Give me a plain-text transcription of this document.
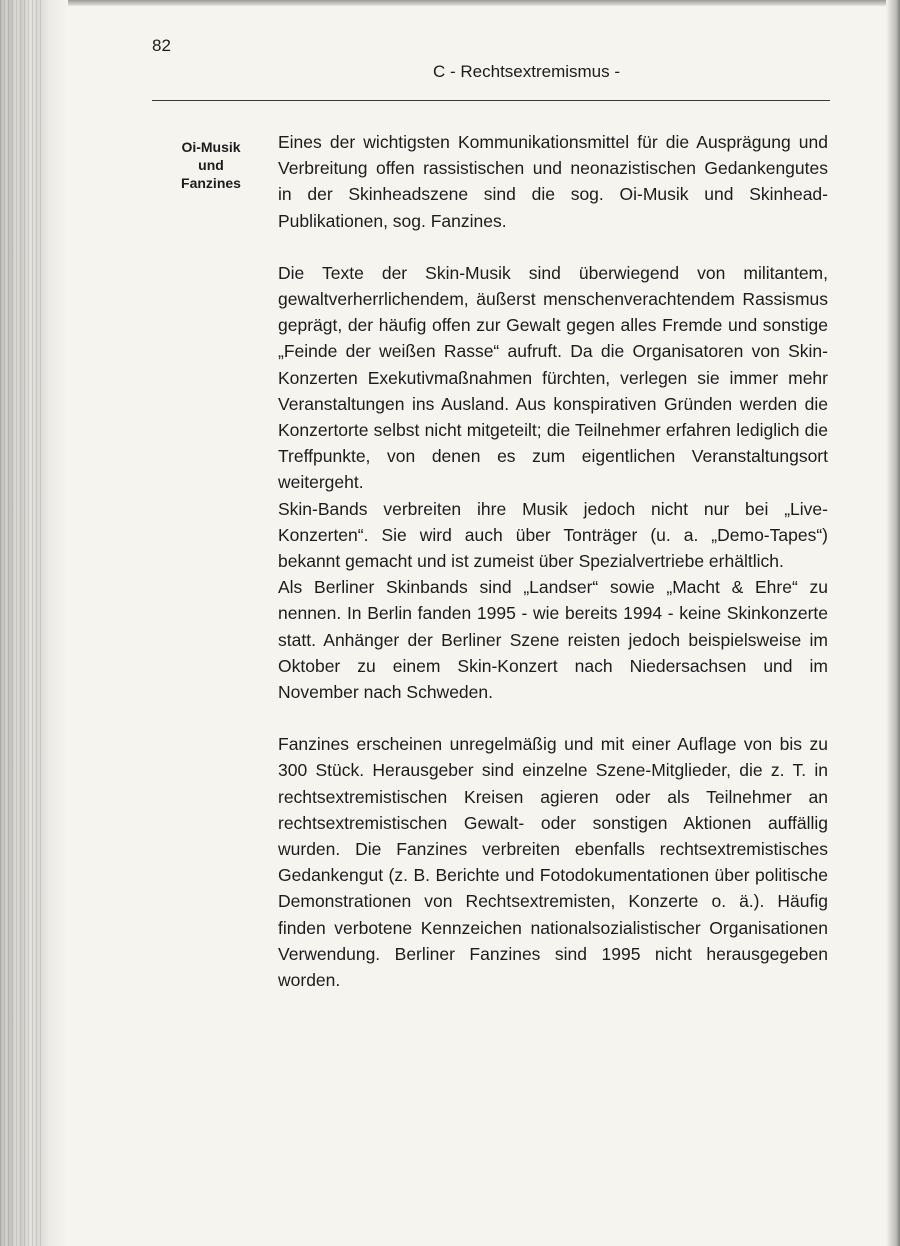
82
C - Rechtsextremismus -
Oi-Musik
und
Fanzines

Eines der wichtigsten Kommunikationsmittel für die Ausprägung und Verbreitung offen rassistischen und neonazistischen Gedankengutes in der Skinheadszene sind die sog. Oi-Musik und Skinhead-Publikationen, sog. Fanzines.

Die Texte der Skin-Musik sind überwiegend von militantem, gewaltverherrlichendem, äußerst menschenverachtendem Rassismus geprägt, der häufig offen zur Gewalt gegen alles Fremde und sonstige „Feinde der weißen Rasse“ aufruft. Da die Organisatoren von Skin-Konzerten Exekutivmaßnahmen fürchten, verlegen sie immer mehr Veranstaltungen ins Ausland. Aus konspirativen Gründen werden die Konzertorte selbst nicht mitgeteilt; die Teilnehmer erfahren lediglich die Treffpunkte, von denen es zum eigentlichen Veranstaltungsort weitergeht.

Skin-Bands verbreiten ihre Musik jedoch nicht nur bei „Live-Konzerten“. Sie wird auch über Tonträger (u. a. „Demo-Tapes“) bekannt gemacht und ist zumeist über Spezialvertriebe erhältlich.

Als Berliner Skinbands sind „Landser“ sowie „Macht & Ehre“ zu nennen. In Berlin fanden 1995 - wie bereits 1994 - keine Skinkonzerte statt. Anhänger der Berliner Szene reisten jedoch beispielsweise im Oktober zu einem Skin-Konzert nach Niedersachsen und im November nach Schweden.

Fanzines erscheinen unregelmäßig und mit einer Auflage von bis zu 300 Stück. Herausgeber sind einzelne Szene-Mitglieder, die z. T. in rechtsextremistischen Kreisen agieren oder als Teilnehmer an rechtsextremistischen Gewalt- oder sonstigen Aktionen auffällig wurden. Die Fanzines verbreiten ebenfalls rechtsextremistisches Gedankengut (z. B. Berichte und Fotodokumentationen über politische Demonstrationen von Rechtsextremisten, Konzerte o. ä.). Häufig finden verbotene Kennzeichen nationalsozialistischer Organisationen Verwendung. Berliner Fanzines sind 1995 nicht herausgegeben worden.
